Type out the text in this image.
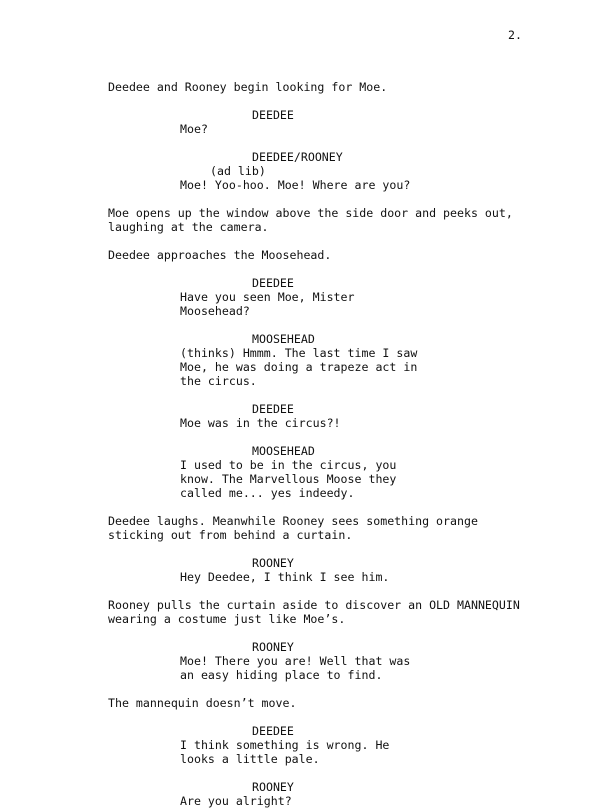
2.
Deedee and Rooney begin looking for Moe.
DEEDEE
Moe?
DEEDEE/ROONEY
(ad lib)
Moe! Yoo-hoo. Moe! Where are you?
Moe opens up the window above the side door and peeks out,
laughing at the camera.
Deedee approaches the Moosehead.
DEEDEE
Have you seen Moe, Mister
Moosehead?
MOOSEHEAD
(thinks) Hmmm. The last time I saw
Moe, he was doing a trapeze act in
the circus.
DEEDEE
Moe was in the circus?!
MOOSEHEAD
I used to be in the circus, you
know. The Marvellous Moose they
called me... yes indeedy.
Deedee laughs. Meanwhile Rooney sees something orange
sticking out from behind a curtain.
ROONEY
Hey Deedee, I think I see him.
Rooney pulls the curtain aside to discover an OLD MANNEQUIN
wearing a costume just like Moe’s.
ROONEY
Moe! There you are! Well that was
an easy hiding place to find.
The mannequin doesn’t move.
DEEDEE
I think something is wrong. He
looks a little pale.
ROONEY
Are you alright?
